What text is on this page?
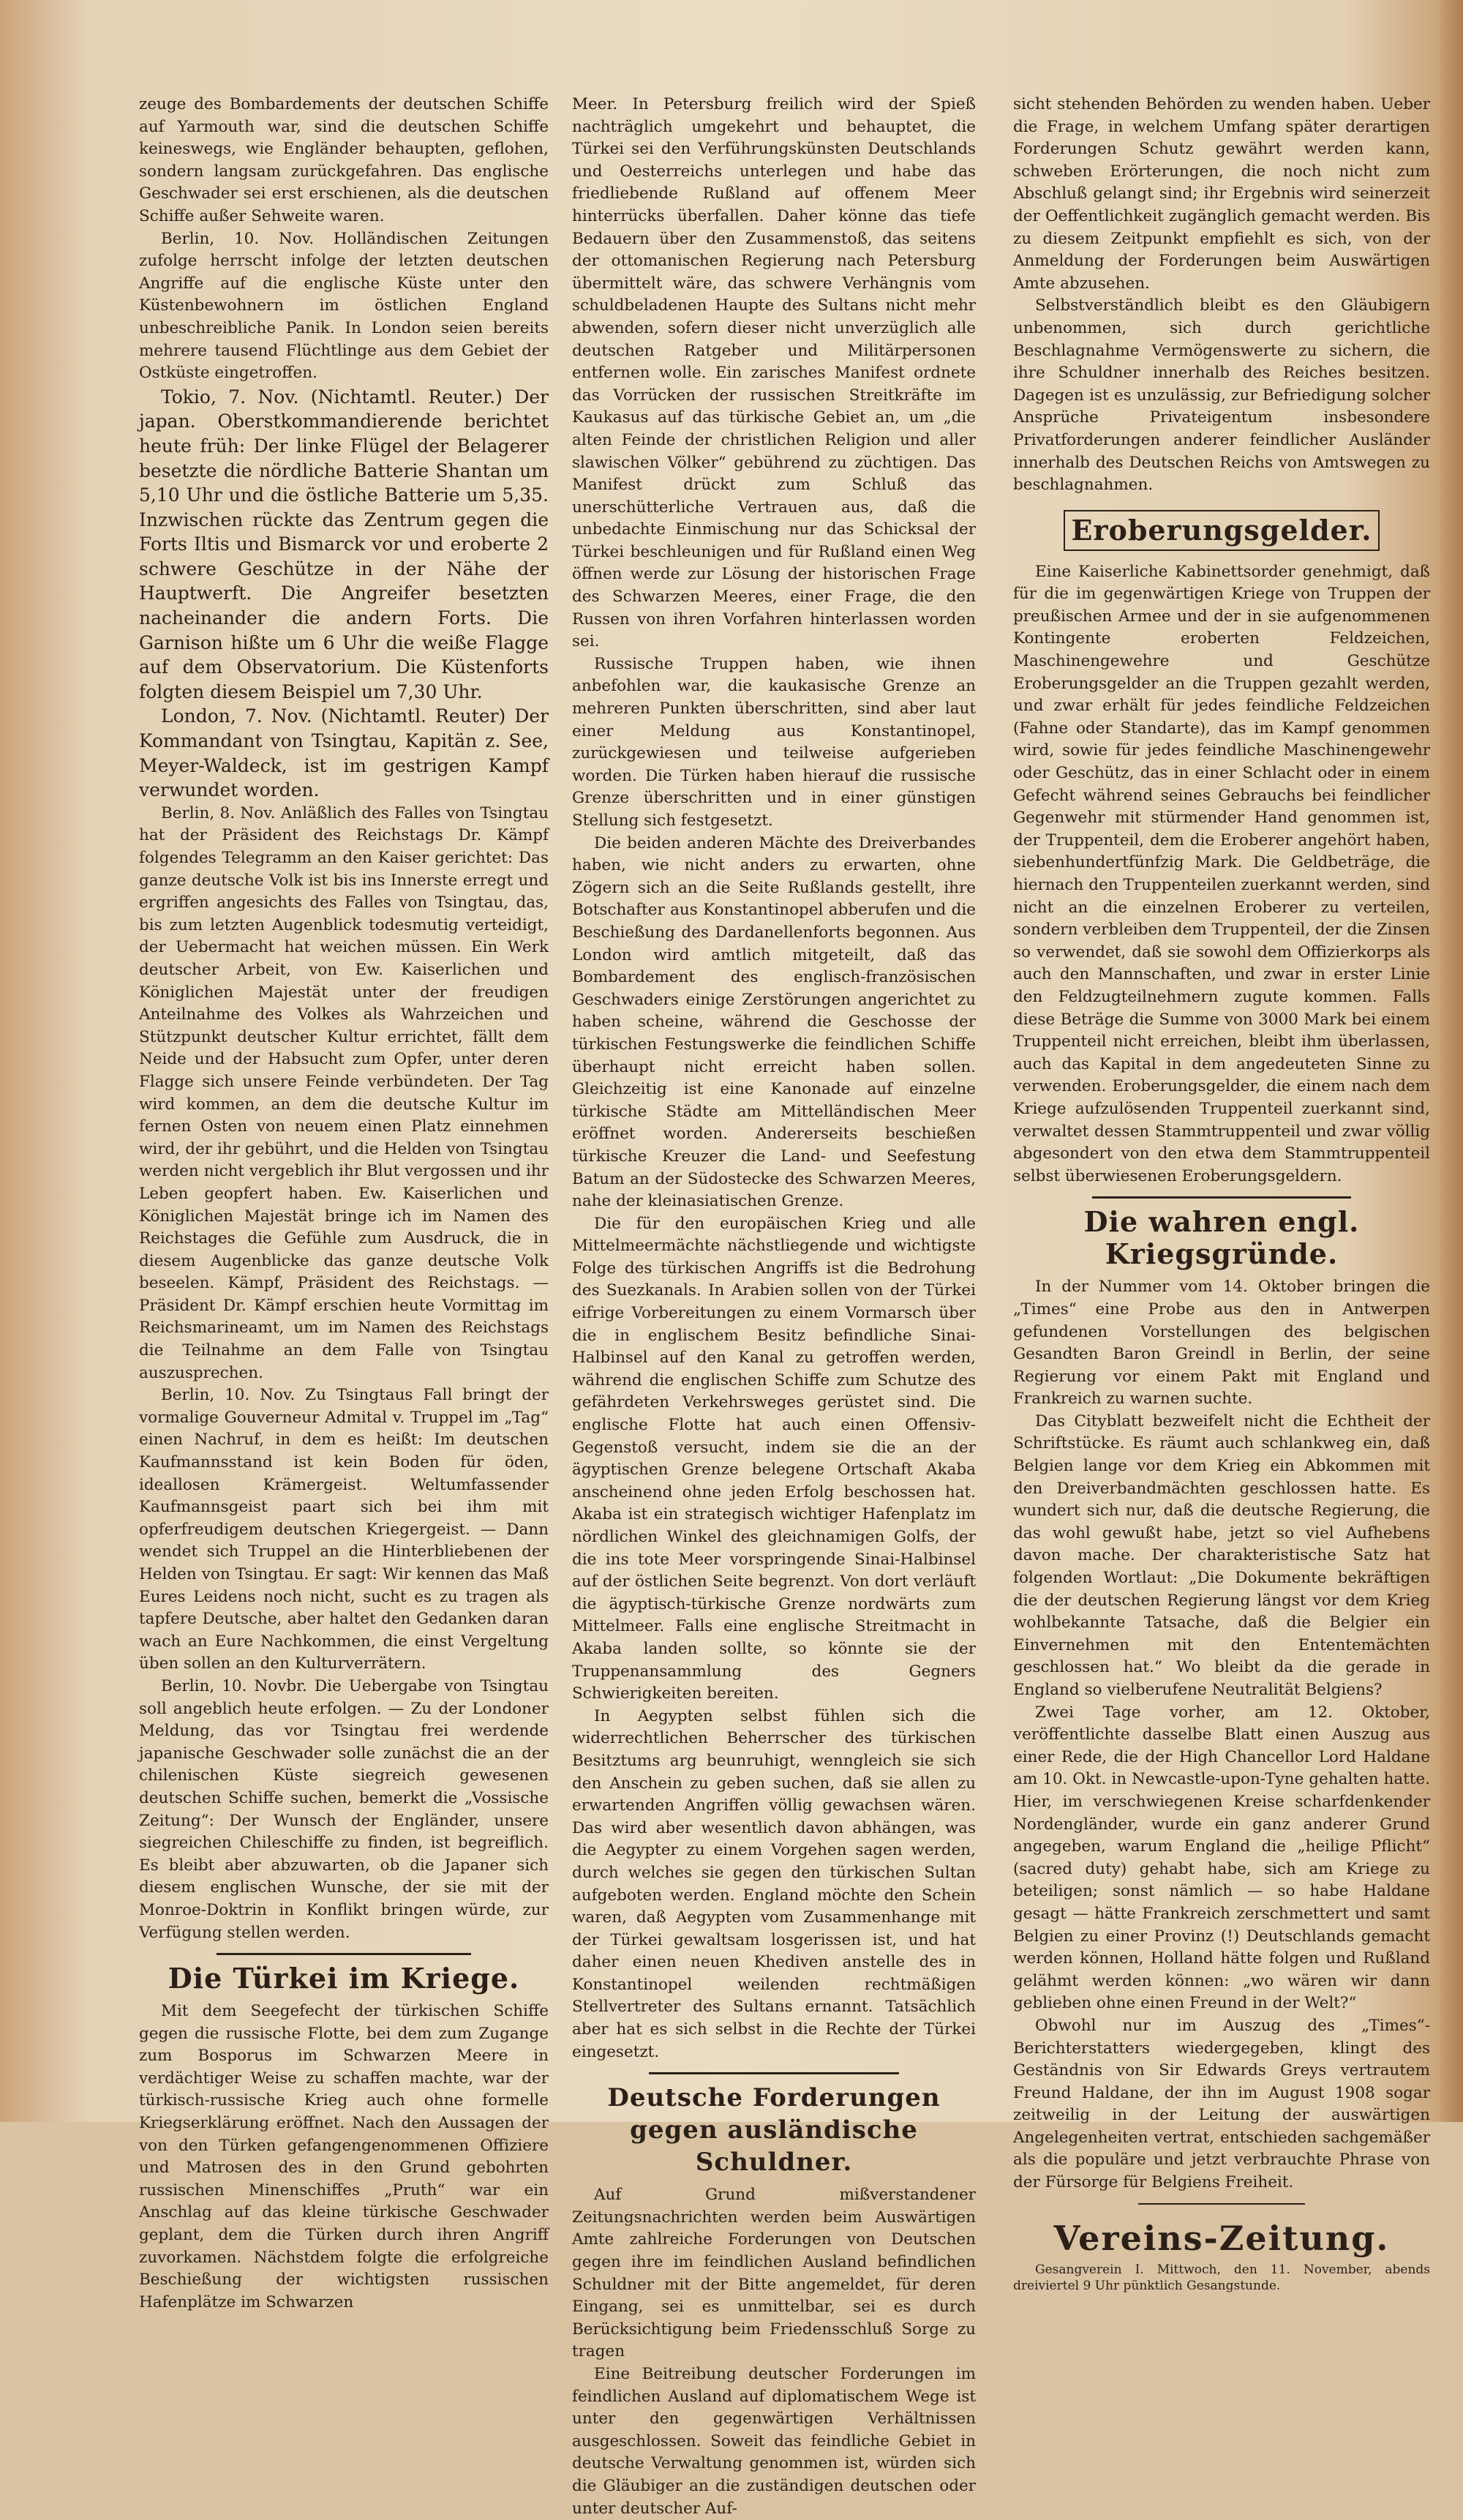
zeuge des Bombardements der deutschen Schiffe auf Yarmouth war, sind die deutschen Schiffe keineswegs, wie Engländer behaupten, geflohen, sondern langsam zurückgefahren. Das englische Geschwader sei erst erschienen, als die deutschen Schiffe außer Sehweite waren.

Berlin, 10. Nov. Holländischen Zeitungen zufolge herrscht infolge der letzten deutschen Angriffe auf die englische Küste unter den Küstenbewohnern im östlichen England unbeschreibliche Panik. In London seien bereits mehrere tausend Flüchtlinge aus dem Gebiet der Ostküste eingetroffen.

Tokio, 7. Nov. (Nichtamtl. Reuter.) Der japan. Oberstkommandierende berichtet heute früh: Der linke Flügel der Belagerer besetzte die nördliche Batterie Shantan um 5,10 Uhr und die östliche Batterie um 5,35. Inzwischen rückte das Zentrum gegen die Forts Iltis und Bismarck vor und eroberte 2 schwere Geschütze in der Nähe der Hauptwerft. Die Angreifer besetzten nacheinander die andern Forts. Die Garnison hißte um 6 Uhr die weiße Flagge auf dem Observatorium. Die Küstenforts folgten diesem Beispiel um 7,30 Uhr.

London, 7. Nov. (Nichtamtl. Reuter) Der Kommandant von Tsingtau, Kapitän z. See, Meyer-Waldeck, ist im gestrigen Kampf verwundet worden.

Berlin, 8. Nov. Anläßlich des Falles von Tsingtau hat der Präsident des Reichstags Dr. Kämpf folgendes Telegramm an den Kaiser gerichtet: Das ganze deutsche Volk ist bis ins Innerste erregt und ergriffen angesichts des Falles von Tsingtau, das, bis zum letzten Augenblick todesmutig verteidigt, der Uebermacht hat weichen müssen. Ein Werk deutscher Arbeit, von Ew. Kaiserlichen und Königlichen Majestät unter der freudigen Anteilnahme des Volkes als Wahrzeichen und Stützpunkt deutscher Kultur errichtet, fällt dem Neide und der Habsucht zum Opfer, unter deren Flagge sich unsere Feinde verbündeten. Der Tag wird kommen, an dem die deutsche Kultur im fernen Osten von neuem einen Platz einnehmen wird, der ihr gebührt, und die Helden von Tsingtau werden nicht vergeblich ihr Blut vergossen und ihr Leben geopfert haben. Ew. Kaiserlichen und Königlichen Majestät bringe ich im Namen des Reichstages die Gefühle zum Ausdruck, die in diesem Augenblicke das ganze deutsche Volk beseelen. Kämpf, Präsident des Reichstags. — Präsident Dr. Kämpf erschien heute Vormittag im Reichsmarineamt, um im Namen des Reichstags die Teilnahme an dem Falle von Tsingtau auszusprechen.

Berlin, 10. Nov. Zu Tsingtaus Fall bringt der vormalige Gouverneur Admital v. Truppel im „Tag“ einen Nachruf, in dem es heißt: Im deutschen Kaufmannsstand ist kein Boden für öden, ideallosen Krämergeist. Weltumfassender Kaufmannsgeist paart sich bei ihm mit opferfreudigem deutschen Kriegergeist. — Dann wendet sich Truppel an die Hinterbliebenen der Helden von Tsingtau. Er sagt: Wir kennen das Maß Eures Leidens noch nicht, sucht es zu tragen als tapfere Deutsche, aber haltet den Gedanken daran wach an Eure Nachkommen, die einst Vergeltung üben sollen an den Kulturverrätern.

Berlin, 10. Novbr. Die Uebergabe von Tsingtau soll angeblich heute erfolgen. — Zu der Londoner Meldung, das vor Tsingtau frei werdende japanische Geschwader solle zunächst die an der chilenischen Küste siegreich gewesenen deutschen Schiffe suchen, bemerkt die „Vossische Zeitung“: Der Wunsch der Engländer, unsere siegreichen Chileschiffe zu finden, ist begreiflich. Es bleibt aber abzuwarten, ob die Japaner sich diesem englischen Wunsche, der sie mit der Monroe-Doktrin in Konflikt bringen würde, zur Verfügung stellen werden.

Die Türkei im Kriege.

Mit dem Seegefecht der türkischen Schiffe gegen die russische Flotte, bei dem zum Zugange zum Bosporus im Schwarzen Meere in verdächtiger Weise zu schaffen machte, war der türkisch-russische Krieg auch ohne formelle Kriegserklärung eröffnet. Nach den Aussagen der von den Türken gefangengenommenen Offiziere und Matrosen des in den Grund gebohrten russischen Minenschiffes „Pruth“ war ein Anschlag auf das kleine türkische Geschwader geplant, dem die Türken durch ihren Angriff zuvorkamen. Nächstdem folgte die erfolgreiche Beschießung der wichtigsten russischen Hafenplätze im Schwarzen

Meer. In Petersburg freilich wird der Spieß nachträglich umgekehrt und behauptet, die Türkei sei den Verführungskünsten Deutschlands und Oesterreichs unterlegen und habe das friedliebende Rußland auf offenem Meer hinterrücks überfallen. Daher könne das tiefe Bedauern über den Zusammenstoß, das seitens der ottomanischen Regierung nach Petersburg übermittelt wäre, das schwere Verhängnis vom schuldbeladenen Haupte des Sultans nicht mehr abwenden, sofern dieser nicht unverzüglich alle deutschen Ratgeber und Militärpersonen entfernen wolle. Ein zarisches Manifest ordnete das Vorrücken der russischen Streitkräfte im Kaukasus auf das türkische Gebiet an, um „die alten Feinde der christlichen Religion und aller slawischen Völker“ gebührend zu züchtigen. Das Manifest drückt zum Schluß das unerschütterliche Vertrauen aus, daß die unbedachte Einmischung nur das Schicksal der Türkei beschleunigen und für Rußland einen Weg öffnen werde zur Lösung der historischen Frage des Schwarzen Meeres, einer Frage, die den Russen von ihren Vorfahren hinterlassen worden sei.

Russische Truppen haben, wie ihnen anbefohlen war, die kaukasische Grenze an mehreren Punkten überschritten, sind aber laut einer Meldung aus Konstantinopel, zurückgewiesen und teilweise aufgerieben worden. Die Türken haben hierauf die russische Grenze überschritten und in einer günstigen Stellung sich festgesetzt.

Die beiden anderen Mächte des Dreiverbandes haben, wie nicht anders zu erwarten, ohne Zögern sich an die Seite Rußlands gestellt, ihre Botschafter aus Konstantinopel abberufen und die Beschießung des Dardanellenforts begonnen. Aus London wird amtlich mitgeteilt, daß das Bombardement des englisch-französischen Geschwaders einige Zerstörungen angerichtet zu haben scheine, während die Geschosse der türkischen Festungswerke die feindlichen Schiffe überhaupt nicht erreicht haben sollen. Gleichzeitig ist eine Kanonade auf einzelne türkische Städte am Mittelländischen Meer eröffnet worden. Andererseits beschießen türkische Kreuzer die Land- und Seefestung Batum an der Südostecke des Schwarzen Meeres, nahe der kleinasiatischen Grenze.

Die für den europäischen Krieg und alle Mittelmeermächte nächstliegende und wichtigste Folge des türkischen Angriffs ist die Bedrohung des Suezkanals. In Arabien sollen von der Türkei eifrige Vorbereitungen zu einem Vormarsch über die in englischem Besitz befindliche Sinai-Halbinsel auf den Kanal zu getroffen werden, während die englischen Schiffe zum Schutze des gefährdeten Verkehrsweges gerüstet sind. Die englische Flotte hat auch einen Offensiv-Gegenstoß versucht, indem sie die an der ägyptischen Grenze belegene Ortschaft Akaba anscheinend ohne jeden Erfolg beschossen hat. Akaba ist ein strategisch wichtiger Hafenplatz im nördlichen Winkel des gleichnamigen Golfs, der die ins tote Meer vorspringende Sinai-Halbinsel auf der östlichen Seite begrenzt. Von dort verläuft die ägyptisch-türkische Grenze nordwärts zum Mittelmeer. Falls eine englische Streitmacht in Akaba landen sollte, so könnte sie der Truppenansammlung des Gegners Schwierigkeiten bereiten.

In Aegypten selbst fühlen sich die widerrechtlichen Beherrscher des türkischen Besitztums arg beunruhigt, wenngleich sie sich den Anschein zu geben suchen, daß sie allen zu erwartenden Angriffen völlig gewachsen wären. Das wird aber wesentlich davon abhängen, was die Aegypter zu einem Vorgehen sagen werden, durch welches sie gegen den türkischen Sultan aufgeboten werden. England möchte den Schein waren, daß Aegypten vom Zusammenhange mit der Türkei gewaltsam losgerissen ist, und hat daher einen neuen Khediven anstelle des in Konstantinopel weilenden rechtmäßigen Stellvertreter des Sultans ernannt. Tatsächlich aber hat es sich selbst in die Rechte der Türkei eingesetzt.

Deutsche Forderungen gegen ausländische Schuldner.

Auf Grund mißverstandener Zeitungsnachrichten werden beim Auswärtigen Amte zahlreiche Forderungen von Deutschen gegen ihre im feindlichen Ausland befindlichen Schuldner mit der Bitte angemeldet, für deren Eingang, sei es unmittelbar, sei es durch Berücksichtigung beim Friedensschluß Sorge zu tragen

Eine Beitreibung deutscher Forderungen im feindlichen Ausland auf diplomatischem Wege ist unter den gegenwärtigen Verhältnissen ausgeschlossen. Soweit das feindliche Gebiet in deutsche Verwaltung genommen ist, würden sich die Gläubiger an die zuständigen deutschen oder unter deutscher Auf-

sicht stehenden Behörden zu wenden haben. Ueber die Frage, in welchem Umfang später derartigen Forderungen Schutz gewährt werden kann, schweben Erörterungen, die noch nicht zum Abschluß gelangt sind; ihr Ergebnis wird seinerzeit der Oeffentlichkeit zugänglich gemacht werden. Bis zu diesem Zeitpunkt empfiehlt es sich, von der Anmeldung der Forderungen beim Auswärtigen Amte abzusehen.

Selbstverständlich bleibt es den Gläubigern unbenommen, sich durch gerichtliche Beschlagnahme Vermögenswerte zu sichern, die ihre Schuldner innerhalb des Reiches besitzen. Dagegen ist es unzulässig, zur Befriedigung solcher Ansprüche Privateigentum insbesondere Privatforderungen anderer feindlicher Ausländer innerhalb des Deutschen Reichs von Amtswegen zu beschlagnahmen.

Eroberungsgelder.

Eine Kaiserliche Kabinettsorder genehmigt, daß für die im gegenwärtigen Kriege von Truppen der preußischen Armee und der in sie aufgenommenen Kontingente eroberten Feldzeichen, Maschinengewehre und Geschütze Eroberungsgelder an die Truppen gezahlt werden, und zwar erhält für jedes feindliche Feldzeichen (Fahne oder Standarte), das im Kampf genommen wird, sowie für jedes feindliche Maschinengewehr oder Geschütz, das in einer Schlacht oder in einem Gefecht während seines Gebrauchs bei feindlicher Gegenwehr mit stürmender Hand genommen ist, der Truppenteil, dem die Eroberer angehört haben, siebenhundertfünfzig Mark. Die Geldbeträge, die hiernach den Truppenteilen zuerkannt werden, sind nicht an die einzelnen Eroberer zu verteilen, sondern verbleiben dem Truppenteil, der die Zinsen so verwendet, daß sie sowohl dem Offizierkorps als auch den Mannschaften, und zwar in erster Linie den Feldzugteilnehmern zugute kommen. Falls diese Beträge die Summe von 3000 Mark bei einem Truppenteil nicht erreichen, bleibt ihm überlassen, auch das Kapital in dem angedeuteten Sinne zu verwenden. Eroberungsgelder, die einem nach dem Kriege aufzulösenden Truppenteil zuerkannt sind, verwaltet dessen Stammtruppenteil und zwar völlig abgesondert von den etwa dem Stammtruppenteil selbst überwiesenen Eroberungsgeldern.

Die wahren engl. Kriegsgründe.

In der Nummer vom 14. Oktober bringen die „Times“ eine Probe aus den in Antwerpen gefundenen Vorstellungen des belgischen Gesandten Baron Greindl in Berlin, der seine Regierung vor einem Pakt mit England und Frankreich zu warnen suchte.

Das Cityblatt bezweifelt nicht die Echtheit der Schriftstücke. Es räumt auch schlankweg ein, daß Belgien lange vor dem Krieg ein Abkommen mit den Dreiverbandmächten geschlossen hatte. Es wundert sich nur, daß die deutsche Regierung, die das wohl gewußt habe, jetzt so viel Aufhebens davon mache. Der charakteristische Satz hat folgenden Wortlaut: „Die Dokumente bekräftigen die der deutschen Regierung längst vor dem Krieg wohlbekannte Tatsache, daß die Belgier ein Einvernehmen mit den Ententemächten geschlossen hat.“ Wo bleibt da die gerade in England so vielberufene Neutralität Belgiens?

Zwei Tage vorher, am 12. Oktober, veröffentlichte dasselbe Blatt einen Auszug aus einer Rede, die der High Chancellor Lord Haldane am 10. Okt. in Newcastle-upon-Tyne gehalten hatte. Hier, im verschwiegenen Kreise scharfdenkender Nordengländer, wurde ein ganz anderer Grund angegeben, warum England die „heilige Pflicht“ (sacred duty) gehabt habe, sich am Kriege zu beteiligen; sonst nämlich — so habe Haldane gesagt — hätte Frankreich zerschmettert und samt Belgien zu einer Provinz (!) Deutschlands gemacht werden können, Holland hätte folgen und Rußland gelähmt werden können: „wo wären wir dann geblieben ohne einen Freund in der Welt?“

Obwohl nur im Auszug des „Times“-Berichterstatters wiedergegeben, klingt des Geständnis von Sir Edwards Greys vertrautem Freund Haldane, der ihn im August 1908 sogar zeitweilig in der Leitung der auswärtigen Angelegenheiten vertrat, entschieden sachgemäßer als die populäre und jetzt verbrauchte Phrase von der Fürsorge für Belgiens Freiheit.

Vereins-Zeitung.

Gesangverein I. Mittwoch, den 11. November, abends dreiviertel 9 Uhr pünktlich Gesangstunde.
